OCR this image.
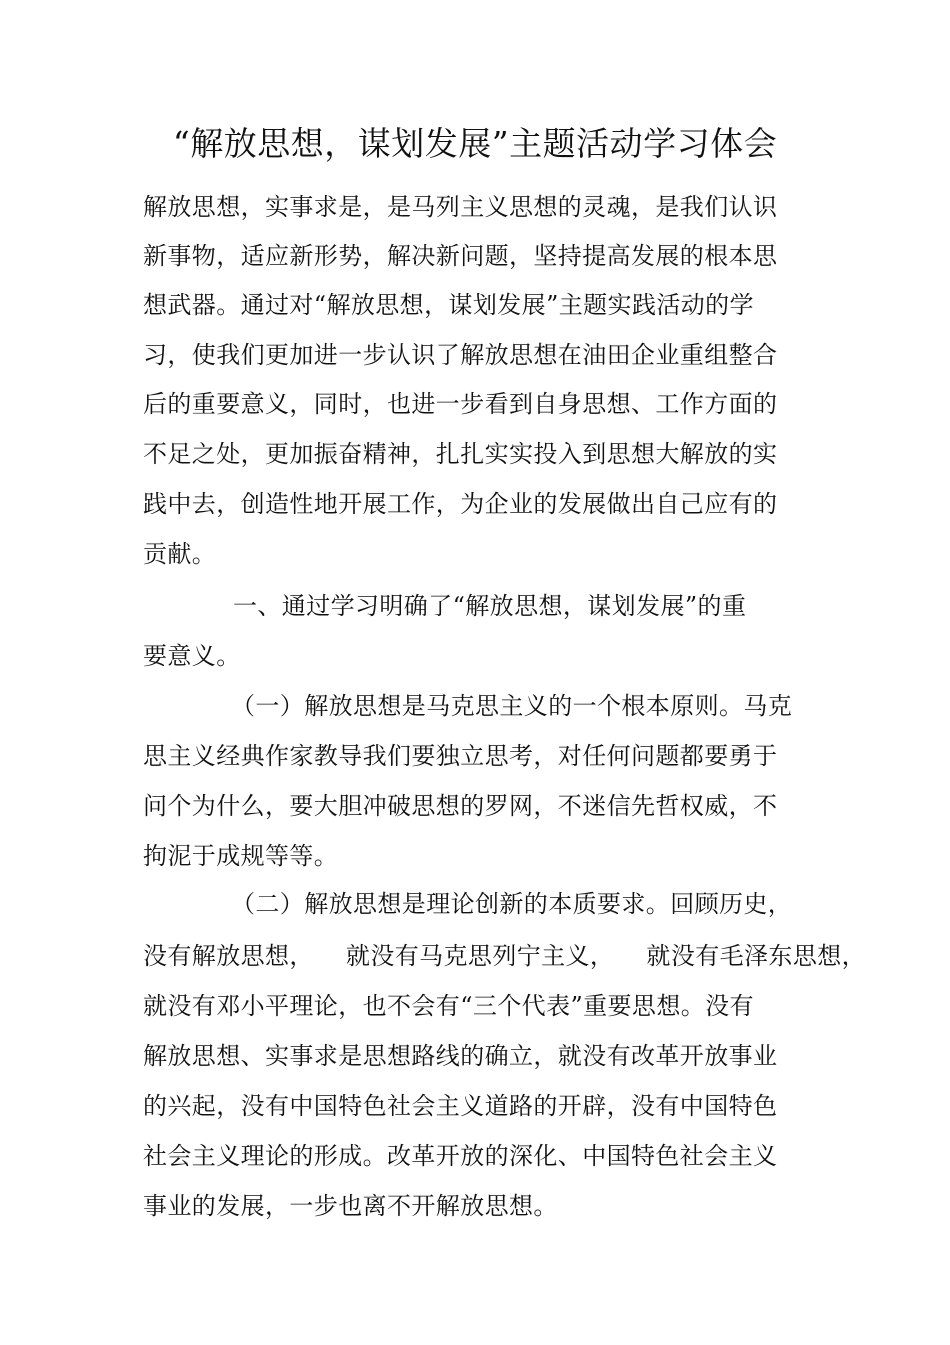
“解放思想，谋划发展”主题活动学习体会
解放思想，实事求是，是马列主义思想的灵魂，是我们认识
新事物，适应新形势，解决新问题，坚持提高发展的根本思
想武器。通过对“解放思想，谋划发展”主题实践活动的学
习，使我们更加进一步认识了解放思想在油田企业重组整合
后的重要意义，同时，也进一步看到自身思想、工作方面的
不足之处，更加振奋精神，扎扎实实投入到思想大解放的实
践中去，创造性地开展工作，为企业的发展做出自己应有的
贡献。
一、通过学习明确了“解放思想，谋划发展”的重
要意义。
（一）解放思想是马克思主义的一个根本原则。马克
思主义经典作家教导我们要独立思考，对任何问题都要勇于
问个为什么，要大胆冲破思想的罗网，不迷信先哲权威，不
拘泥于成规等等。
（二）解放思想是理论创新的本质要求。回顾历史，
没有解放思想，    就没有马克思列宁主义，    就没有毛泽东思想，
就没有邓小平理论，也不会有“三个代表”重要思想。没有
解放思想、实事求是思想路线的确立，就没有改革开放事业
的兴起，没有中国特色社会主义道路的开辟，没有中国特色
社会主义理论的形成。改革开放的深化、中国特色社会主义
事业的发展，一步也离不开解放思想。
